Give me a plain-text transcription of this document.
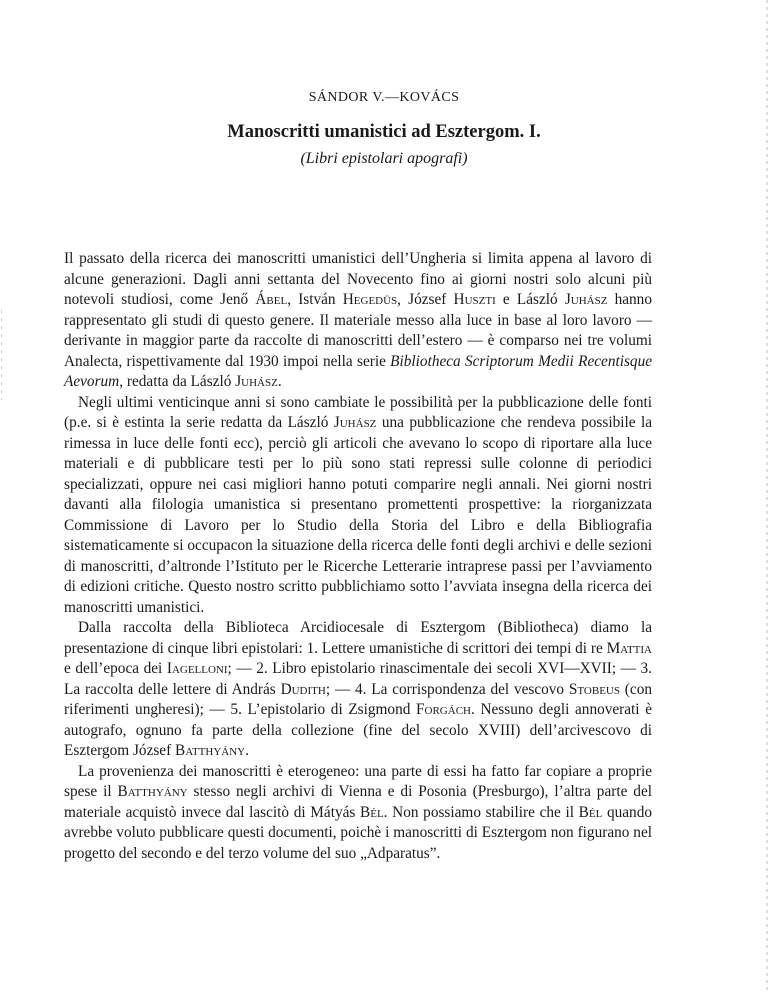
SÁNDOR V.—KOVÁCS
Manoscritti umanistici ad Esztergom. I.
(Libri epistolari apografi)

Il passato della ricerca dei manoscritti umanistici dell’Ungheria si limita appena al lavoro di alcune generazioni. Dagli anni settanta del Novecento fino ai giorni nostri solo alcuni più notevoli studiosi, come Jenő Ábel, István Hegedüs, József Huszti e László Juhász hanno rappresentato gli studi di questo genere. Il materiale messo alla luce in base al loro lavoro — derivante in maggior parte da raccolte di manoscritti dell’estero — è comparso nei tre volumi Analecta, rispettivamente dal 1930 impoi nella serie Bibliotheca Scriptorum Medii Recentisque Aevorum, redatta da László Juhász.

Negli ultimi venticinque anni si sono cambiate le possibilità per la pubblicazione delle fonti (p.e. si è estinta la serie redatta da László Juhász una pubblicazione che rendeva possibile la rimessa in luce delle fonti ecc), perciò gli articoli che avevano lo scopo di riportare alla luce materiali e di pubblicare testi per lo più sono stati repressi sulle colonne di periodici specializzati, oppure nei casi migliori hanno potuti comparire negli annali. Nei giorni nostri davanti alla filologia umanistica si presentano promettenti prospettive: la riorganizzata Commissione di Lavoro per lo Studio della Storia del Libro e della Bibliografia sistematicamente si occupacon la situazione della ricerca delle fonti degli archivi e delle sezioni di manoscritti, d’altronde l’Istituto per le Ricerche Letterarie intraprese passi per l’avviamento di edizioni critiche. Questo nostro scritto pubblichiamo sotto l’avviata insegna della ricerca dei manoscritti umanistici.

Dalla raccolta della Biblioteca Arcidiocesale di Esztergom (Bibliotheca) diamo la presentazione di cinque libri epistolari: 1. Lettere umanistiche di scrittori dei tempi di re Mattia e dell’epoca dei Iagelloni; — 2. Libro epistolario rinascimentale dei secoli XVI—XVII; — 3. La raccolta delle lettere di András Dudith; — 4. La corrispondenza del vescovo Stobeus (con riferimenti ungheresi); — 5. L’epistolario di Zsigmond Forgách. Nessuno degli annoverati è autografo, ognuno fa parte della collezione (fine del secolo XVIII) dell’arcivescovo di Esztergom József Batthyány.

La provenienza dei manoscritti è eterogeneo: una parte di essi ha fatto far copiare a proprie spese il Batthyány stesso negli archivi di Vienna e di Posonia (Presburgo), l’altra parte del materiale acquistò invece dal lascitò di Mátyás Bél. Non possiamo stabilire che il Bél quando avrebbe voluto pubblicare questi documenti, poichè i manoscritti di Esztergom non figurano nel progetto del secondo e del terzo volume del suo „Adparatus”.
